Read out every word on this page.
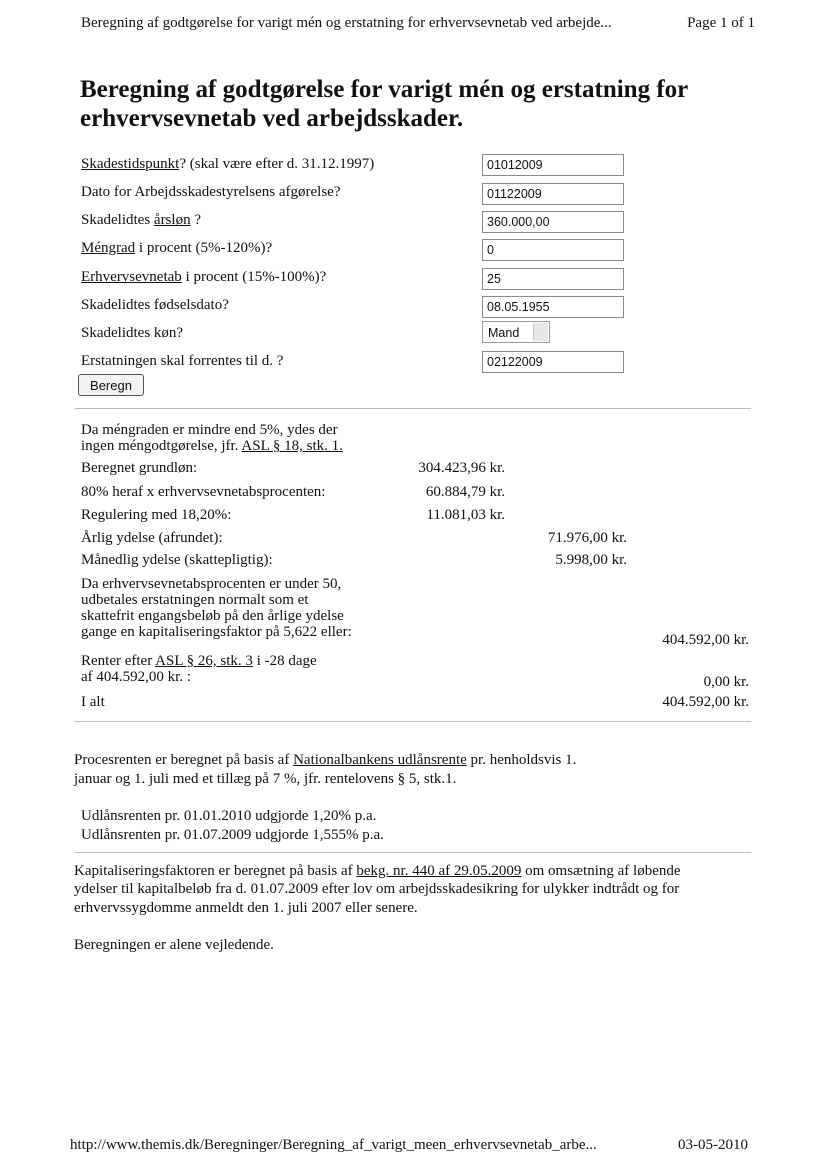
Beregning af godtgørelse for varigt mén og erstatning for erhvervsevnetab ved arbejde...	Page 1 of 1
Beregning af godtgørelse for varigt mén og erstatning for erhvervsevnetab ved arbejdsskader.
Skadestidspunkt? (skal være efter d. 31.12.1997)	01012009
Dato for Arbejdsskadestyrelsens afgørelse?	01122009
Skadelidtes årsløn ?	360.000,00
Méngrad i procent (5%-120%)?	0
Erhvervsevnetab i procent (15%-100%)?	25
Skadelidtes fødselsdato?	08.05.1955
Skadelidtes køn?	Mand
Erstatningen skal forrentes til d. ?	02122009
Beregn
Da méngraden er mindre end 5%, ydes der
ingen méngodtgørelse, jfr. ASL § 18, stk. 1.
Beregnet grundløn:	304.423,96 kr.
80% heraf x erhvervsevnetabsprocenten:	60.884,79 kr.
Regulering med 18,20%:	11.081,03 kr.
Årlig ydelse (afrundet):	71.976,00 kr.
Månedlig ydelse (skattepligtig):	5.998,00 kr.
Da erhvervsevnetabsprocenten er under 50,
udbetales erstatningen normalt som et
skattefrit engangsbeløb på den årlige ydelse
gange en kapitaliseringsfaktor på 5,622 eller:	404.592,00 kr.
Renter efter ASL § 26, stk. 3 i -28 dage
af 404.592,00 kr. :	0,00 kr.
I alt	404.592,00 kr.
Procesrenten er beregnet på basis af Nationalbankens udlånsrente pr. henholdsvis 1.
januar og 1. juli med et tillæg på 7 %, jfr. rentelovens § 5, stk.1.
Udlånsrenten pr. 01.01.2010 udgjorde 1,20% p.a.
Udlånsrenten pr. 01.07.2009 udgjorde 1,555% p.a.
Kapitaliseringsfaktoren er beregnet på basis af bekg. nr. 440 af 29.05.2009 om omsætning af løbende
ydelser til kapitalbeløb fra d. 01.07.2009 efter lov om arbejdsskadesikring for ulykker indtrådt og for
erhvervssygdomme anmeldt den 1. juli 2007 eller senere.
Beregningen er alene vejledende.
http://www.themis.dk/Beregninger/Beregning_af_varigt_meen_erhvervsevnetab_arbe...	03-05-2010
